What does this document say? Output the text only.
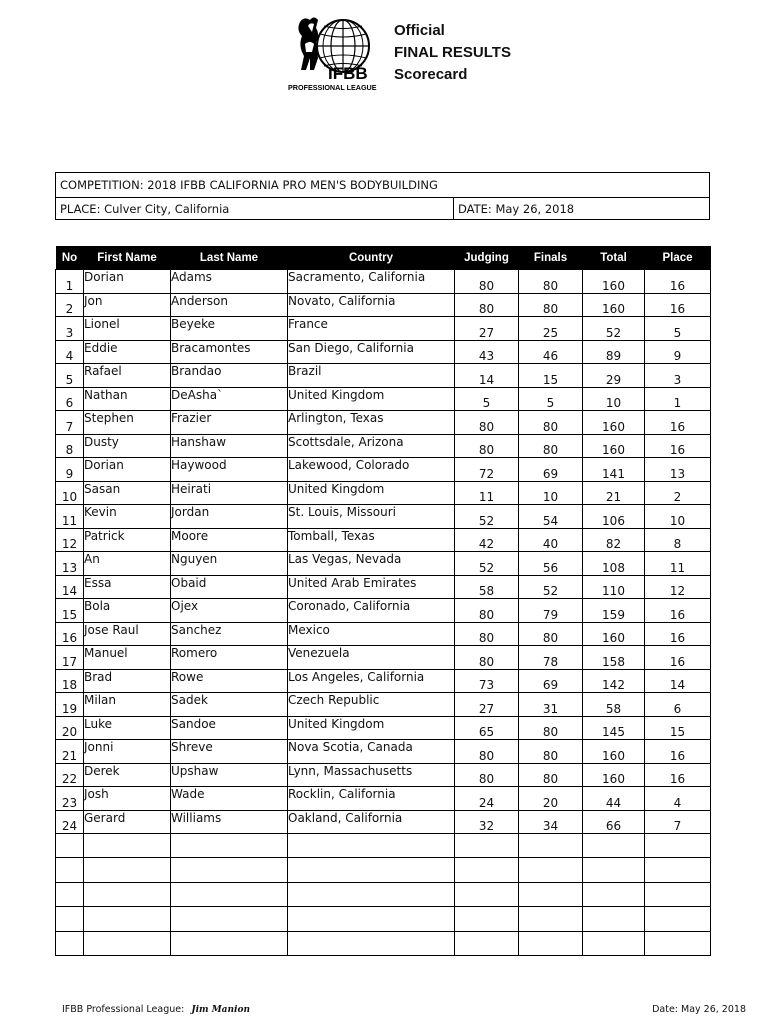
IFBB
PROFESSIONAL LEAGUE
Official
FINAL RESULTS
Scorecard
COMPETITION: 2018 IFBB CALIFORNIA PRO MEN'S BODYBUILDING
PLACE: Culver City, California	DATE: May 26, 2018
No	First Name	Last Name	Country	Judging	Finals	Total	Place
1	Dorian	Adams	Sacramento, California	80	80	160	16
2	Jon	Anderson	Novato, California	80	80	160	16
3	Lionel	Beyeke	France	27	25	52	5
4	Eddie	Bracamontes	San Diego, California	43	46	89	9
5	Rafael	Brandao	Brazil	14	15	29	3
6	Nathan	DeAsha`	United Kingdom	5	5	10	1
7	Stephen	Frazier	Arlington, Texas	80	80	160	16
8	Dusty	Hanshaw	Scottsdale, Arizona	80	80	160	16
9	Dorian	Haywood	Lakewood, Colorado	72	69	141	13
10	Sasan	Heirati	United Kingdom	11	10	21	2
11	Kevin	Jordan	St. Louis, Missouri	52	54	106	10
12	Patrick	Moore	Tomball, Texas	42	40	82	8
13	An	Nguyen	Las Vegas, Nevada	52	56	108	11
14	Essa	Obaid	United Arab Emirates	58	52	110	12
15	Bola	Ojex	Coronado, California	80	79	159	16
16	Jose Raul	Sanchez	Mexico	80	80	160	16
17	Manuel	Romero	Venezuela	80	78	158	16
18	Brad	Rowe	Los Angeles, California	73	69	142	14
19	Milan	Sadek	Czech Republic	27	31	58	6
20	Luke	Sandoe	United Kingdom	65	80	145	15
21	Jonni	Shreve	Nova Scotia, Canada	80	80	160	16
22	Derek	Upshaw	Lynn, Massachusetts	80	80	160	16
23	Josh	Wade	Rocklin, California	24	20	44	4
24	Gerard	Williams	Oakland, California	32	34	66	7

IFBB Professional League: Jim Manion	Date: May 26, 2018
